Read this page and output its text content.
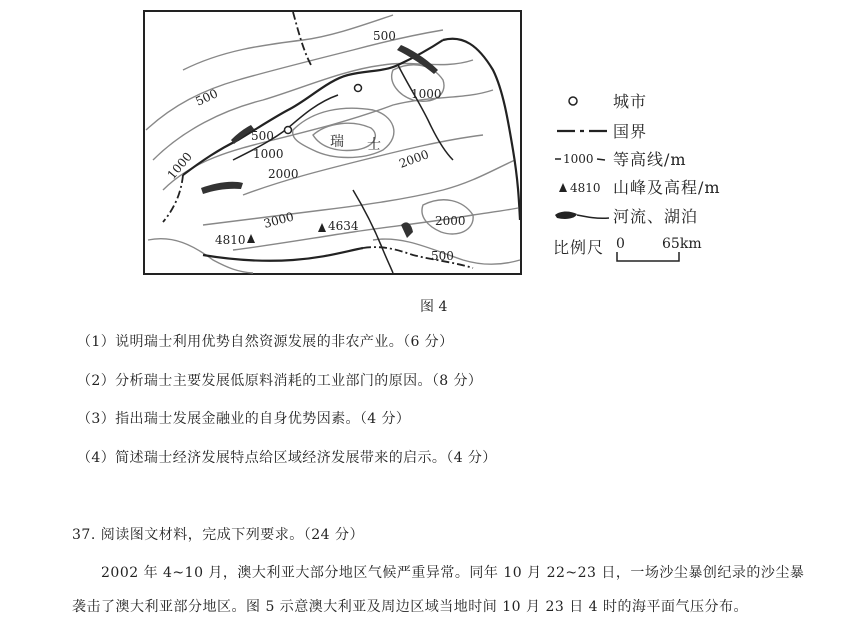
500
1000
500
1000
500
2000
1000	2000
2000
3000
500
4810
4634
瑞 士
城市
国界
1000 等高线/m
4810 山峰及高程/m
河流、湖泊
比例尺 0	65km
图 4
（1）说明瑞士利用优势自然资源发展的非农产业。（6 分）
（2）分析瑞士主要发展低原料消耗的工业部门的原因。（8 分）
（3）指出瑞士发展金融业的自身优势因素。（4 分）
（4）简述瑞士经济发展特点给区域经济发展带来的启示。（4 分）
37. 阅读图文材料，完成下列要求。（24 分）
2002 年 4~10 月，澳大利亚大部分地区气候严重异常。同年 10 月 22~23 日，一场沙尘暴创纪录的沙尘暴
袭击了澳大利亚部分地区。图 5 示意澳大利亚及周边区域当地时间 10 月 23 日 4 时的海平面气压分布。
